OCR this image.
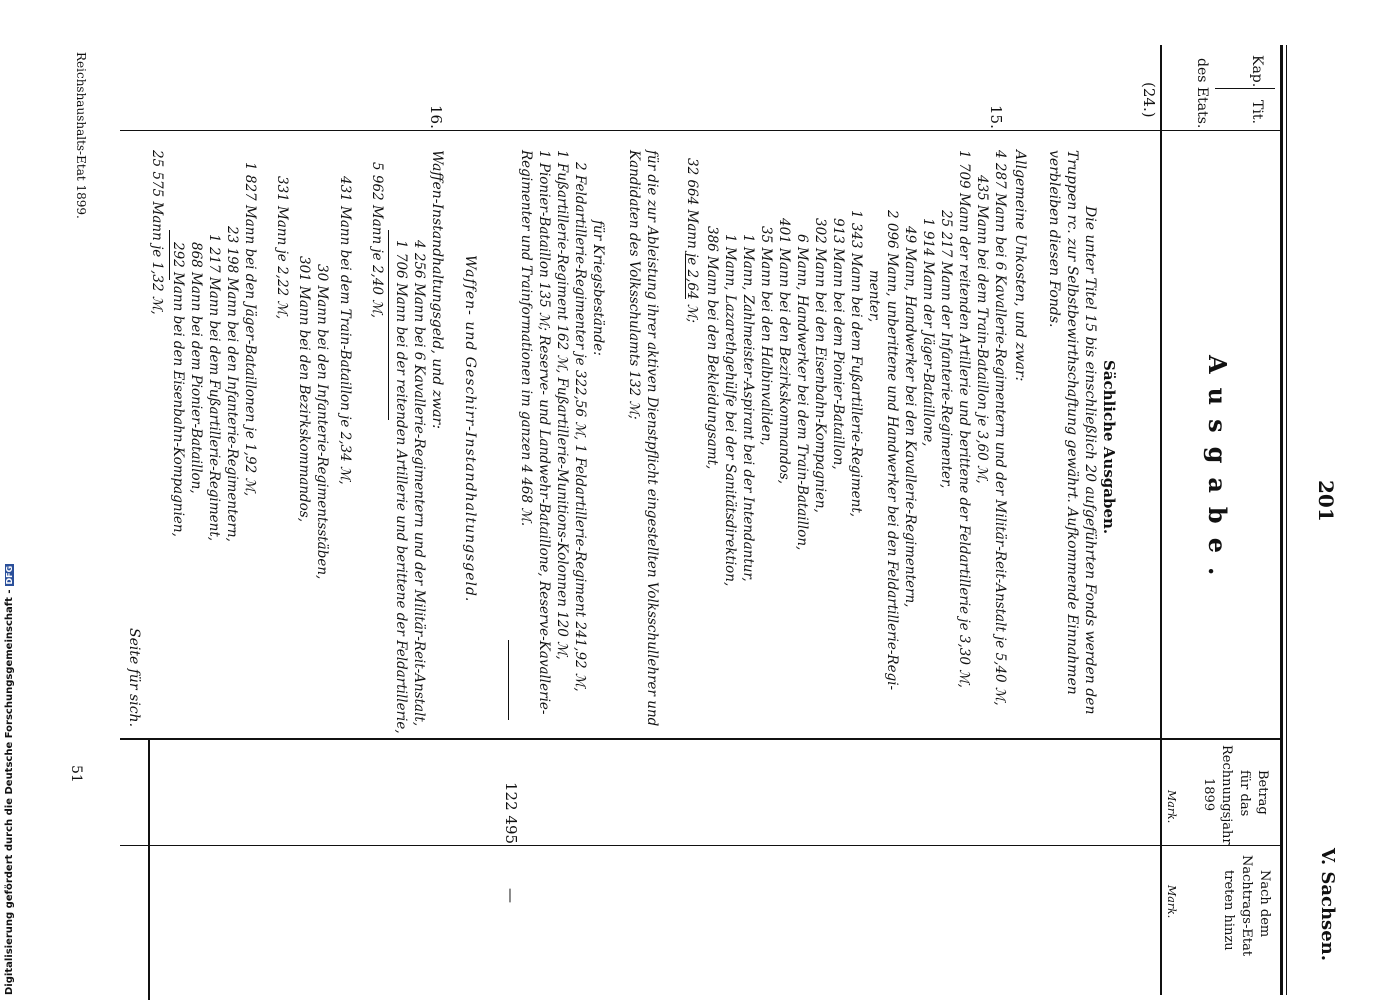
Digitalisierung gefördert durch die Deutsche Forschungsgemeinschaft -
DFG
201
V. Sachsen.
Kap.
Tit.
des Etats.
Ausgabe.
Betrag
für das
Rechnungsjahr
1899
Nach dem
Nachtrags-Etat
treten hinzu
Mark.
Mark.
(24.)
15.
16.
Sächliche Ausgaben.
Die unter Titel 15 bis einschließlich 20 aufgeführten Fonds werden den
Truppen rc. zur Selbstbewirthschaftung gewährt. Aufkommende Einnahmen
verbleiben diesen Fonds.
Allgemeine Unkosten, und zwar:
4 287 Mann bei 6 Kavallerie-Regimentern und der Militär-Reit-Anstalt je 5,40 ℳ,
435 Mann bei dem Train-Bataillon je 3,60 ℳ,
1 709 Mann der reitenden Artillerie und berittene der Feldartillerie je 3,30 ℳ,
25 217 Mann der Infanterie-Regimenter,
1 914 Mann der Jäger-Bataillone,
49 Mann, Handwerker bei den Kavallerie-Regimentern,
2 096 Mann, unberittene und Handwerker bei den Feldartillerie-Regi-
menter,
1 343 Mann bei dem Fußartillerie-Regiment,
913 Mann bei dem Pionier-Bataillon,
302 Mann bei den Eisenbahn-Kompagnien,
6 Mann, Handwerker bei dem Train-Bataillon,
401 Mann bei den Bezirkskommandos,
35 Mann bei den Halbinvaliden,
1 Mann, Zahlmeister-Aspirant bei der Intendantur,
1 Mann, Lazarethgehülfe bei der Sanitätsdirektion,
386 Mann bei den Bekleidungsamt,
32 664 Mann je 2,64 ℳ;
für die zur Ableistung ihrer aktiven Dienstpflicht eingestellten Volksschullehrer und
Kandidaten des Volksschulamts 132 ℳ;
für Kriegsbestände:
2 Feldartillerie-Regimenter je 322,56 ℳ, 1 Feldartillerie-Regiment 241,92 ℳ,
1 Fußartillerie-Regiment 162 ℳ, Fußartillerie-Munitions-Kolonnen 120 ℳ,
1 Pionier-Bataillon 135 ℳ; Reserve- und Landwehr-Bataillone, Reserve-Kavallerie-
Regimenter und Trainformationen im ganzen 4 468 ℳ.
122 495
—
Waffen- und Geschirr-Instandhaltungsgeld.
Waffen-Instandhaltungsgeld, und zwar:
4 256 Mann bei 6 Kavallerie-Regimentern und der Militär-Reit-Anstalt,
1 706 Mann bei der reitenden Artillerie und berittene der Feldartillerie,
5 962 Mann je 2,40 ℳ,
431 Mann bei dem Train-Bataillon je 2,34 ℳ,
30 Mann bei den Infanterie-Regimentsstäben,
301 Mann bei den Bezirkskommandos,
331 Mann je 2,22 ℳ,
1 827 Mann bei den Jäger-Bataillonen je 1,92 ℳ,
23 198 Mann bei den Infanterie-Regimentern,
1 217 Mann bei dem Fußartillerie-Regiment,
868 Mann bei dem Pionier-Bataillon,
292 Mann bei den Eisenbahn-Kompagnien,
25 575 Mann je 1,32 ℳ,
Seite für sich.
51
Reichshaushalts-Etat 1899.
